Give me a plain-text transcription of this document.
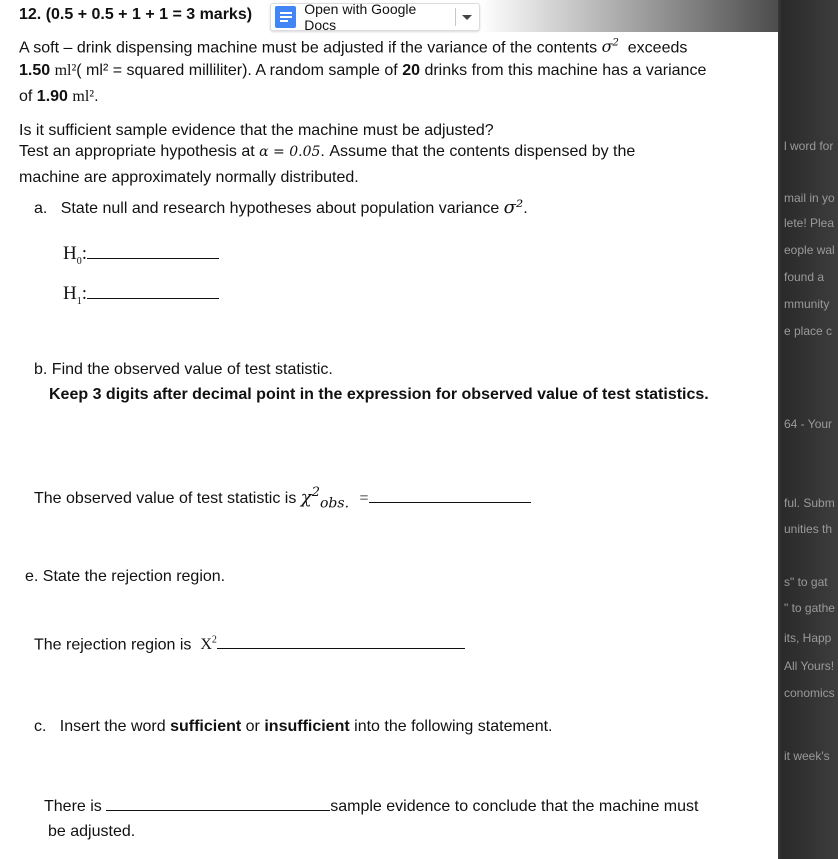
12. (0.5 + 0.5 + 1 + 1 = 3 marks)	Open with Google Docs
A soft – drink dispensing machine must be adjusted if the variance of the contents $\sigma^2$ exceeds
1.50 ml²( ml² = squared milliliter). A random sample of 20 drinks from this machine has a variance
of 1.90 ml².
Is it sufficient sample evidence that the machine must be adjusted?
Test an appropriate hypothesis at α = 0.05. Assume that the contents dispensed by the
machine are approximately normally distributed.
a. State null and research hypotheses about population variance σ².
$H_0$:
$H_1$:
b. Find the observed value of test statistic.
Keep 3 digits after decimal point in the expression for observed value of test statistics.
The observed value of test statistic is $\chi^2_{obs.}$ =
e. State the rejection region.
The rejection region is $X^2$
c. Insert the word sufficient or insufficient into the following statement.
There is	sample evidence to conclude that the machine must
be adjusted.
l word for
mail in yo
lete! Plea
eople wal
found a
mmunity
e place c
64 - Your
ful. Subm
unities th
s" to gat
" to gathe
its, Happ
All Yours!
conomics
it week's
